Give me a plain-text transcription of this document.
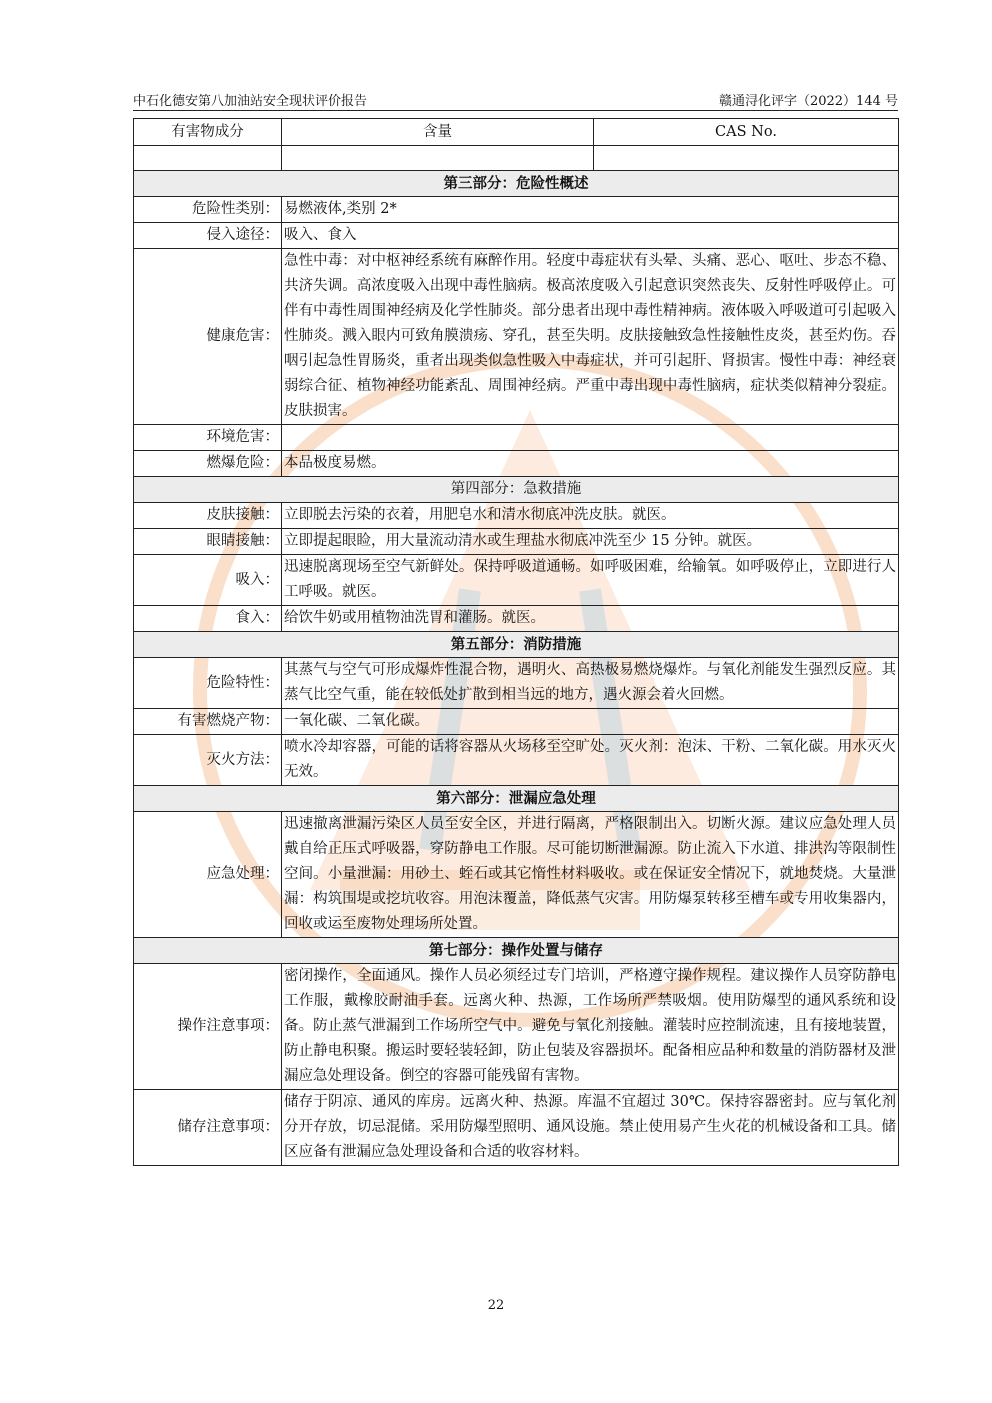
中石化德安第八加油站安全现状评价报告	赣通浔化评字（2022）144 号
有害物成分	含量	CAS No.

第三部分：危险性概述		
危险性类别：	易燃液体,类别 2*	
侵入途径：	吸入、食入	
健康危害：	急性中毒：对中枢神经系统有麻醉作用。轻度中毒症状有头晕、头痛、恶心、呕吐、步态不稳、共济失调。高浓度吸入出现中毒性脑病。极高浓度吸入引起意识突然丧失、反射性呼吸停止。可伴有中毒性周围神经病及化学性肺炎。部分患者出现中毒性精神病。液体吸入呼吸道可引起吸入性肺炎。溅入眼内可致角膜溃疡、穿孔，甚至失明。皮肤接触致急性接触性皮炎，甚至灼伤。吞咽引起急性胃肠炎，重者出现类似急性吸入中毒症状，并可引起肝、肾损害。慢性中毒：神经衰弱综合征、植物神经功能紊乱、周围神经病。严重中毒出现中毒性脑病，症状类似精神分裂症。皮肤损害。	
环境危害：		
燃爆危险：	本品极度易燃。	
第四部分：急救措施		
皮肤接触：	立即脱去污染的衣着，用肥皂水和清水彻底冲洗皮肤。就医。	
眼睛接触：	立即提起眼睑，用大量流动清水或生理盐水彻底冲洗至少 15 分钟。就医。	
吸入：	迅速脱离现场至空气新鲜处。保持呼吸道通畅。如呼吸困难，给输氧。如呼吸停止，立即进行人工呼吸。就医。	
食入：	给饮牛奶或用植物油洗胃和灌肠。就医。	
第五部分：消防措施		
危险特性：	其蒸气与空气可形成爆炸性混合物，遇明火、高热极易燃烧爆炸。与氧化剂能发生强烈反应。其蒸气比空气重，能在较低处扩散到相当远的地方，遇火源会着火回燃。	
有害燃烧产物：	一氧化碳、二氧化碳。	
灭火方法：	喷水冷却容器，可能的话将容器从火场移至空旷处。灭火剂：泡沫、干粉、二氧化碳。用水灭火无效。	
第六部分：泄漏应急处理		
应急处理：	迅速撤离泄漏污染区人员至安全区，并进行隔离，严格限制出入。切断火源。建议应急处理人员戴自给正压式呼吸器，穿防静电工作服。尽可能切断泄漏源。防止流入下水道、排洪沟等限制性空间。小量泄漏：用砂土、蛭石或其它惰性材料吸收。或在保证安全情况下，就地焚烧。大量泄漏：构筑围堤或挖坑收容。用泡沫覆盖，降低蒸气灾害。用防爆泵转移至槽车或专用收集器内，回收或运至废物处理场所处置。	
第七部分：操作处置与储存		
操作注意事项：	密闭操作，全面通风。操作人员必须经过专门培训，严格遵守操作规程。建议操作人员穿防静电工作服，戴橡胶耐油手套。远离火种、热源，工作场所严禁吸烟。使用防爆型的通风系统和设备。防止蒸气泄漏到工作场所空气中。避免与氧化剂接触。灌装时应控制流速，且有接地装置，防止静电积聚。搬运时要轻装轻卸，防止包装及容器损坏。配备相应品种和数量的消防器材及泄漏应急处理设备。倒空的容器可能残留有害物。	
储存注意事项：	储存于阴凉、通风的库房。远离火种、热源。库温不宜超过 30℃。保持容器密封。应与氧化剂分开存放，切忌混储。采用防爆型照明、通风设施。禁止使用易产生火花的机械设备和工具。储区应备有泄漏应急处理设备和合适的收容材料。	
22
